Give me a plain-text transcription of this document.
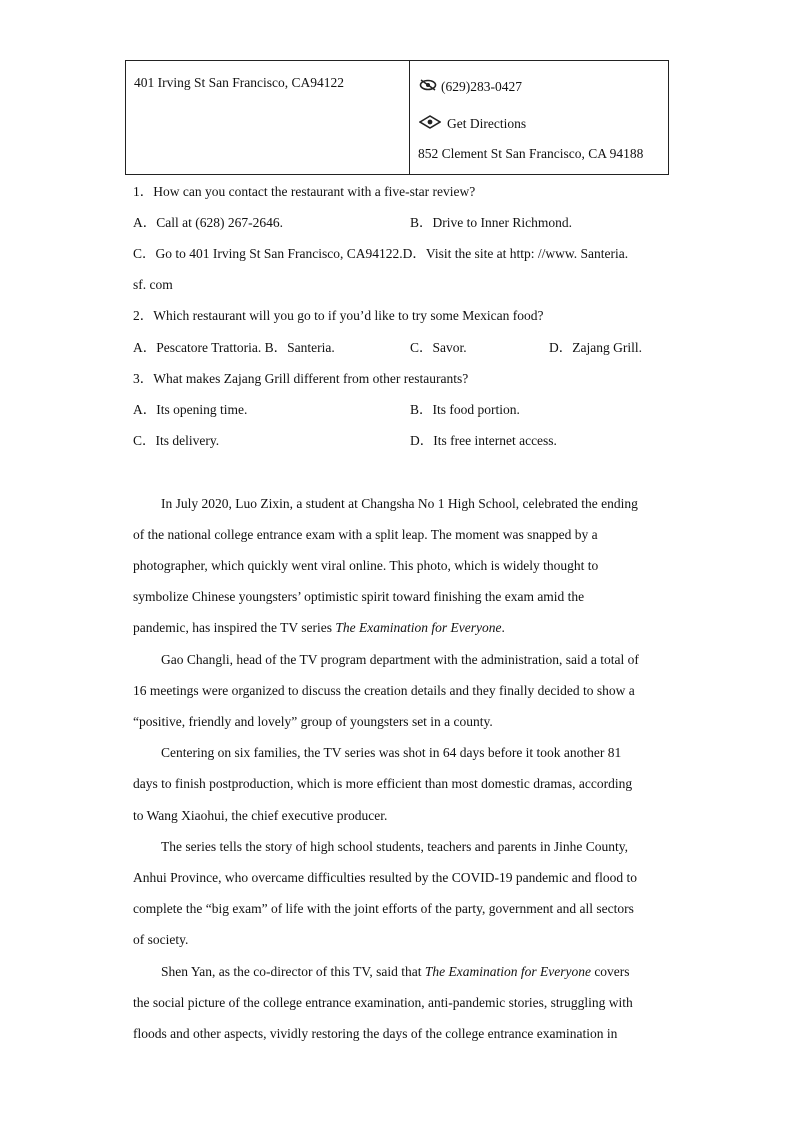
401 Irving St San Francisco, CA94122	(629)283-0427
Get Directions
852 Clement St San Francisco, CA 94188
1．How can you contact the restaurant with a five-star review?
A．Call at (628) 267-2646.	B．Drive to Inner Richmond.
C．Go to 401 Irving St San Francisco, CA94122.D．Visit the site at http: //www. Santeria.
sf. com
2．Which restaurant will you go to if you’d like to try some Mexican food?
A．Pescatore Trattoria. B．Santeria.	C．Savor.	D．Zajang Grill.
3．What makes Zajang Grill different from other restaurants?
A．Its opening time.	B．Its food portion.
C．Its delivery.	D．Its free internet access.
In July 2020, Luo Zixin, a student at Changsha No 1 High School, celebrated the ending
of the national college entrance exam with a split leap. The moment was snapped by a
photographer, which quickly went viral online. This photo, which is widely thought to
symbolize Chinese youngsters’ optimistic spirit toward finishing the exam amid the
pandemic, has inspired the TV series The Examination for Everyone.
Gao Changli, head of the TV program department with the administration, said a total of
16 meetings were organized to discuss the creation details and they finally decided to show a
“positive, friendly and lovely” group of youngsters set in a county.
Centering on six families, the TV series was shot in 64 days before it took another 81
days to finish postproduction, which is more efficient than most domestic dramas, according
to Wang Xiaohui, the chief executive producer.
The series tells the story of high school students, teachers and parents in Jinhe County,
Anhui Province, who overcame difficulties resulted by the COVID-19 pandemic and flood to
complete the “big exam” of life with the joint efforts of the party, government and all sectors
of society.
Shen Yan, as the co-director of this TV, said that The Examination for Everyone covers
the social picture of the college entrance examination, anti-pandemic stories, struggling with
floods and other aspects, vividly restoring the days of the college entrance examination in
